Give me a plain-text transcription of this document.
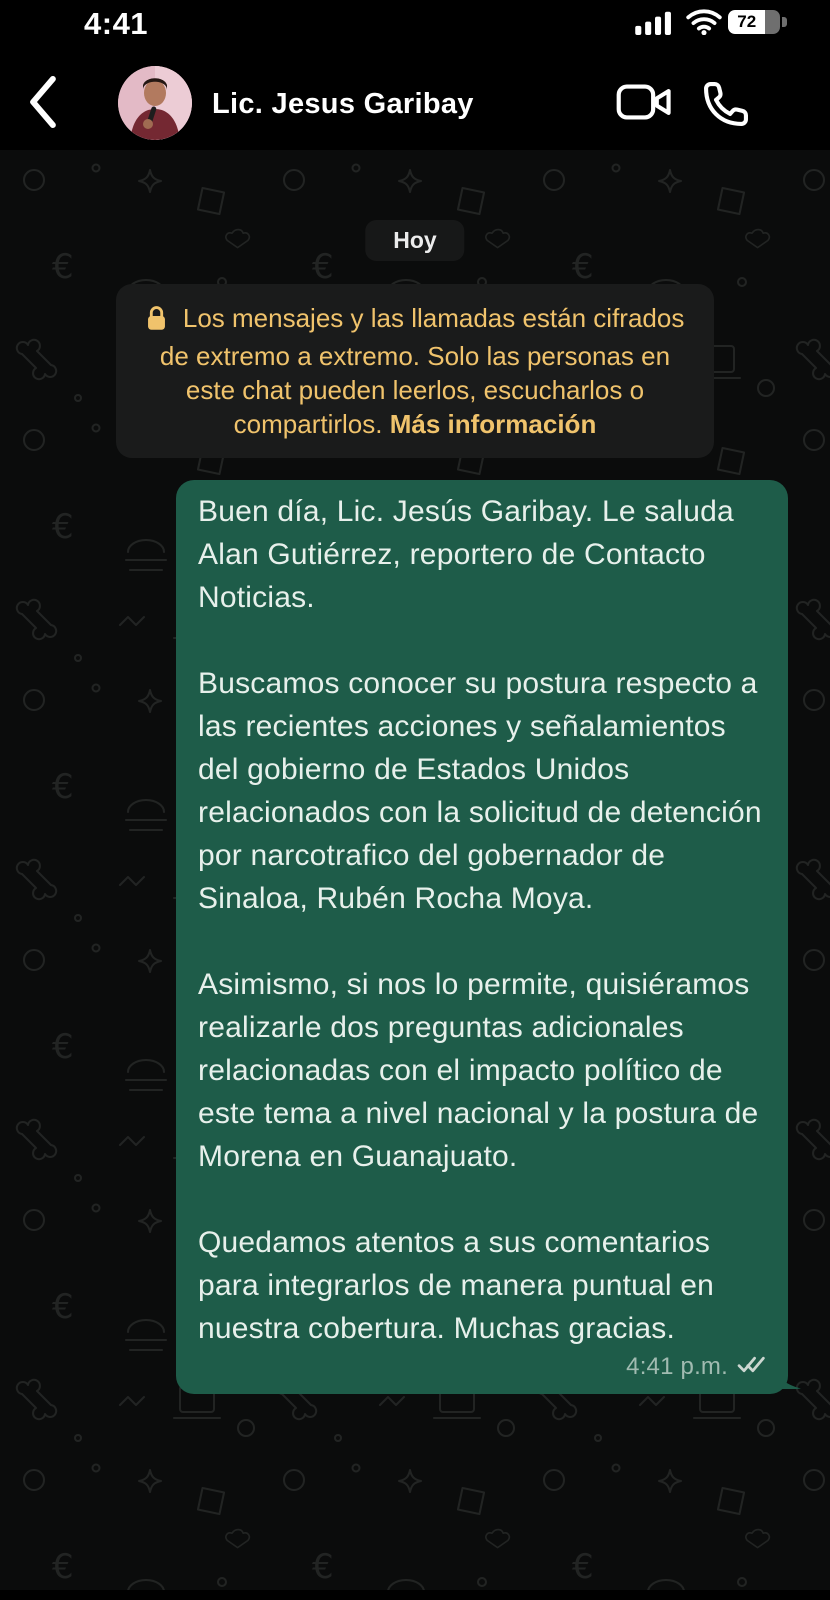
4:41	72
Lic. Jesus Garibay
Hoy
Los mensajes y las llamadas están cifrados de extremo a extremo. Solo las personas en este chat pueden leerlos, escucharlos o compartirlos. Más información

Buen día, Lic. Jesús Garibay. Le saluda Alan Gutiérrez, reportero de Contacto Noticias.

Buscamos conocer su postura respecto a las recientes acciones y señalamientos del gobierno de Estados Unidos relacionados con la solicitud de detención por narcotrafico del gobernador de Sinaloa, Rubén Rocha Moya.

Asimismo, si nos lo permite, quisiéramos realizarle dos preguntas adicionales relacionadas con el impacto político de este tema a nivel nacional y la postura de Morena en Guanajuato.

Quedamos atentos a sus comentarios para integrarlos de manera puntual en nuestra cobertura. Muchas gracias.

4:41 p.m.
